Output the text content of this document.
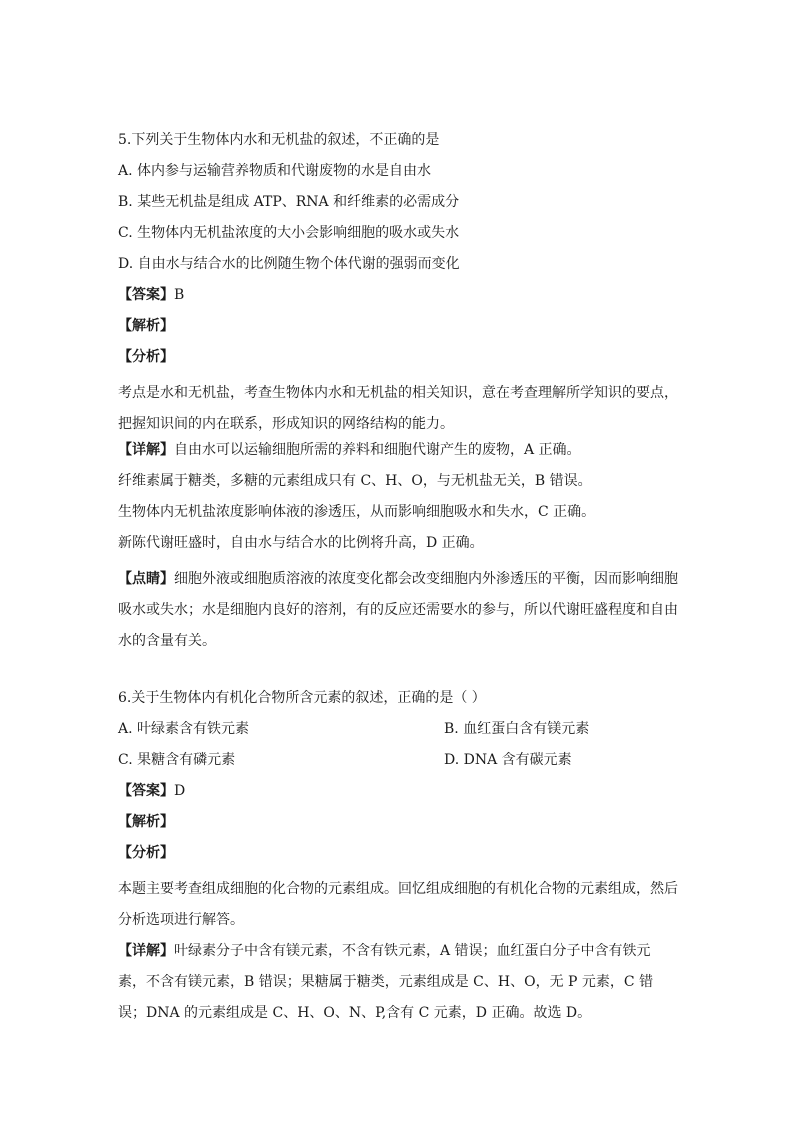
5.下列关于生物体内水和无机盐的叙述，不正确的是
A. 体内参与运输营养物质和代谢废物的水是自由水
B. 某些无机盐是组成 ATP、RNA 和纤维素的必需成分
C. 生物体内无机盐浓度的大小会影响细胞的吸水或失水
D. 自由水与结合水的比例随生物个体代谢的强弱而变化
【答案】B
【解析】
【分析】
考点是水和无机盐，考查生物体内水和无机盐的相关知识，意在考查理解所学知识的要点，把握知识间的内在联系，形成知识的网络结构的能力。
【详解】自由水可以运输细胞所需的养料和细胞代谢产生的废物，A 正确。
纤维素属于糖类，多糖的元素组成只有 C、H、O，与无机盐无关，B 错误。
生物体内无机盐浓度影响体液的渗透压，从而影响细胞吸水和失水，C 正确。
新陈代谢旺盛时，自由水与结合水的比例将升高，D 正确。
【点睛】细胞外液或细胞质溶液的浓度变化都会改变细胞内外渗透压的平衡，因而影响细胞吸水或失水；水是细胞内良好的溶剂，有的反应还需要水的参与，所以代谢旺盛程度和自由水的含量有关。
6.关于生物体内有机化合物所含元素的叙述，正确的是（ ）
A. 叶绿素含有铁元素	B. 血红蛋白含有镁元素
C. 果糖含有磷元素	D. DNA 含有碳元素
【答案】D
【解析】
【分析】
本题主要考查组成细胞的化合物的元素组成。回忆组成细胞的有机化合物的元素组成，然后分析选项进行解答。
【详解】叶绿素分子中含有镁元素，不含有铁元素，A 错误；血红蛋白分子中含有铁元素，不含有镁元素，B 错误；果糖属于糖类，元素组成是 C、H、O，无 P 元素，C 错误；DNA 的元素组成是 C、H、O、N、P,含有 C 元素，D 正确。故选 D。
